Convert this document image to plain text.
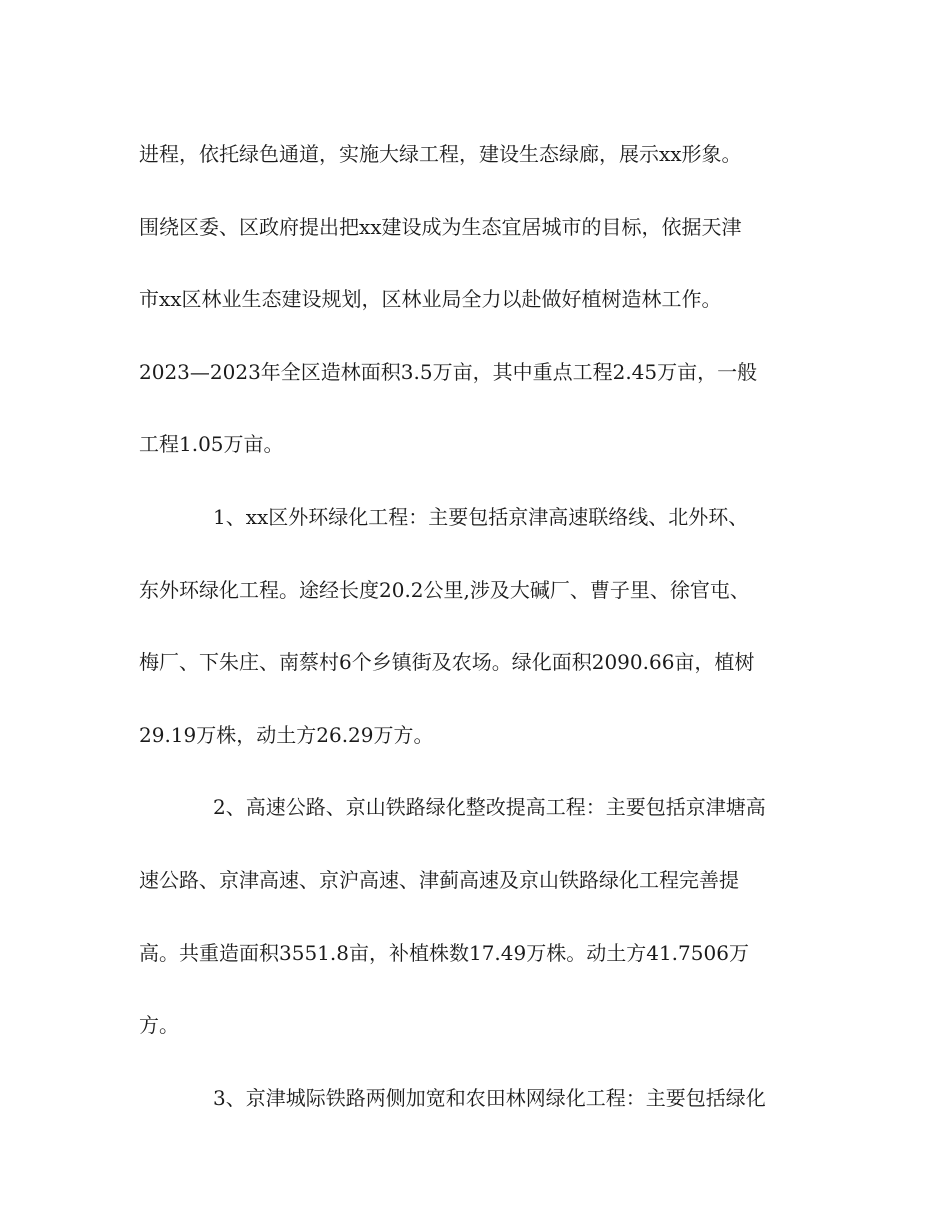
进程，依托绿色通道，实施大绿工程，建设生态绿廊，展示xx形象。
围绕区委、区政府提出把xx建设成为生态宜居城市的目标，依据天津
市xx区林业生态建设规划，区林业局全力以赴做好植树造林工作。
2023—2023年全区造林面积3.5万亩，其中重点工程2.45万亩，一般
工程1.05万亩。
1、xx区外环绿化工程：主要包括京津高速联络线、北外环、
东外环绿化工程。途经长度20.2公里,涉及大碱厂、曹子里、徐官屯、
梅厂、下朱庄、南蔡村6个乡镇街及农场。绿化面积2090.66亩，植树
29.19万株，动土方26.29万方。
2、高速公路、京山铁路绿化整改提高工程：主要包括京津塘高
速公路、京津高速、京沪高速、津蓟高速及京山铁路绿化工程完善提
高。共重造面积3551.8亩，补植株数17.49万株。动土方41.7506万
方。
3、京津城际铁路两侧加宽和农田林网绿化工程：主要包括绿化
